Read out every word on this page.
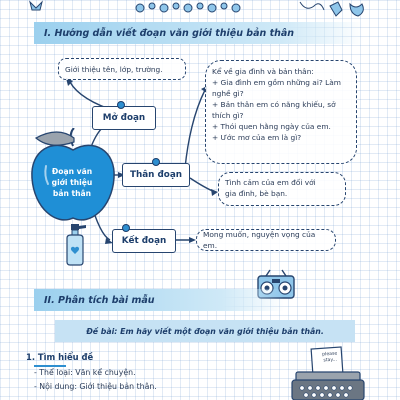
I. Hướng dẫn viết đoạn văn giới thiệu bản thân
Đoạn văn
giới thiệu
bản thân
Giới thiệu tên, lớp, trường.
Mở đoạn
Thân đoạn
Kết đoạn
Kể về gia đình và bản thân:
+ Gia đình em gồm những ai? Làm
nghề gì?
+ Bản thân em có năng khiếu, sở
thích gì?
+ Thói quen hằng ngày của em.
+ Ước mơ của em là gì?
Tình cảm của em đối với
gia đình, bè bạn.
Mong muốn, nguyện vọng của em.
II. Phân tích bài mẫu
Đề bài: Em hãy viết một đoạn văn giới thiệu bản thân.
1. Tìm hiểu đề
- Thể loại: Văn kể chuyện.
- Nội dung: Giới thiệu bản thân.
please
stay...
